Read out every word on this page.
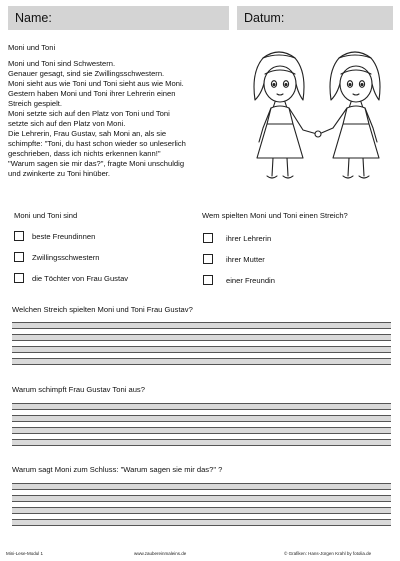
Name:	Datum:
Moni und Toni
Moni und Toni sind Schwestern.
Genauer gesagt, sind sie Zwillingsschwestern.
Moni sieht aus wie Toni und Toni sieht aus wie Moni.
Gestern haben Moni und Toni ihrer Lehrerin einen
Streich gespielt.
Moni setzte sich auf den Platz von Toni und Toni
setzte sich auf den Platz von Moni.
Die Lehrerin, Frau Gustav, sah Moni an, als sie
schimpfte: "Toni, du hast schon wieder so unleserlich
geschrieben, dass ich nichts erkennen kann!"
"Warum sagen sie mir das?", fragte Moni unschuldig
und zwinkerte zu Toni hinüber.
Moni und Toni sind
beste Freundinnen
Zwillingsschwestern
die Töchter von Frau Gustav
Wem spielten Moni und Toni einen Streich?
ihrer Lehrerin
ihrer Mutter
einer Freundin
Welchen Streich spielten Moni und Toni Frau Gustav?
Warum schimpft Frau Gustav Toni aus?
Warum sagt Moni zum Schluss: "Warum sagen sie mir das?" ?
Mini-Lese-Modul 1	www.zaubereinmaleins.de	© Grafiken: Hans-Jürgen Krahl by fotolia.de
